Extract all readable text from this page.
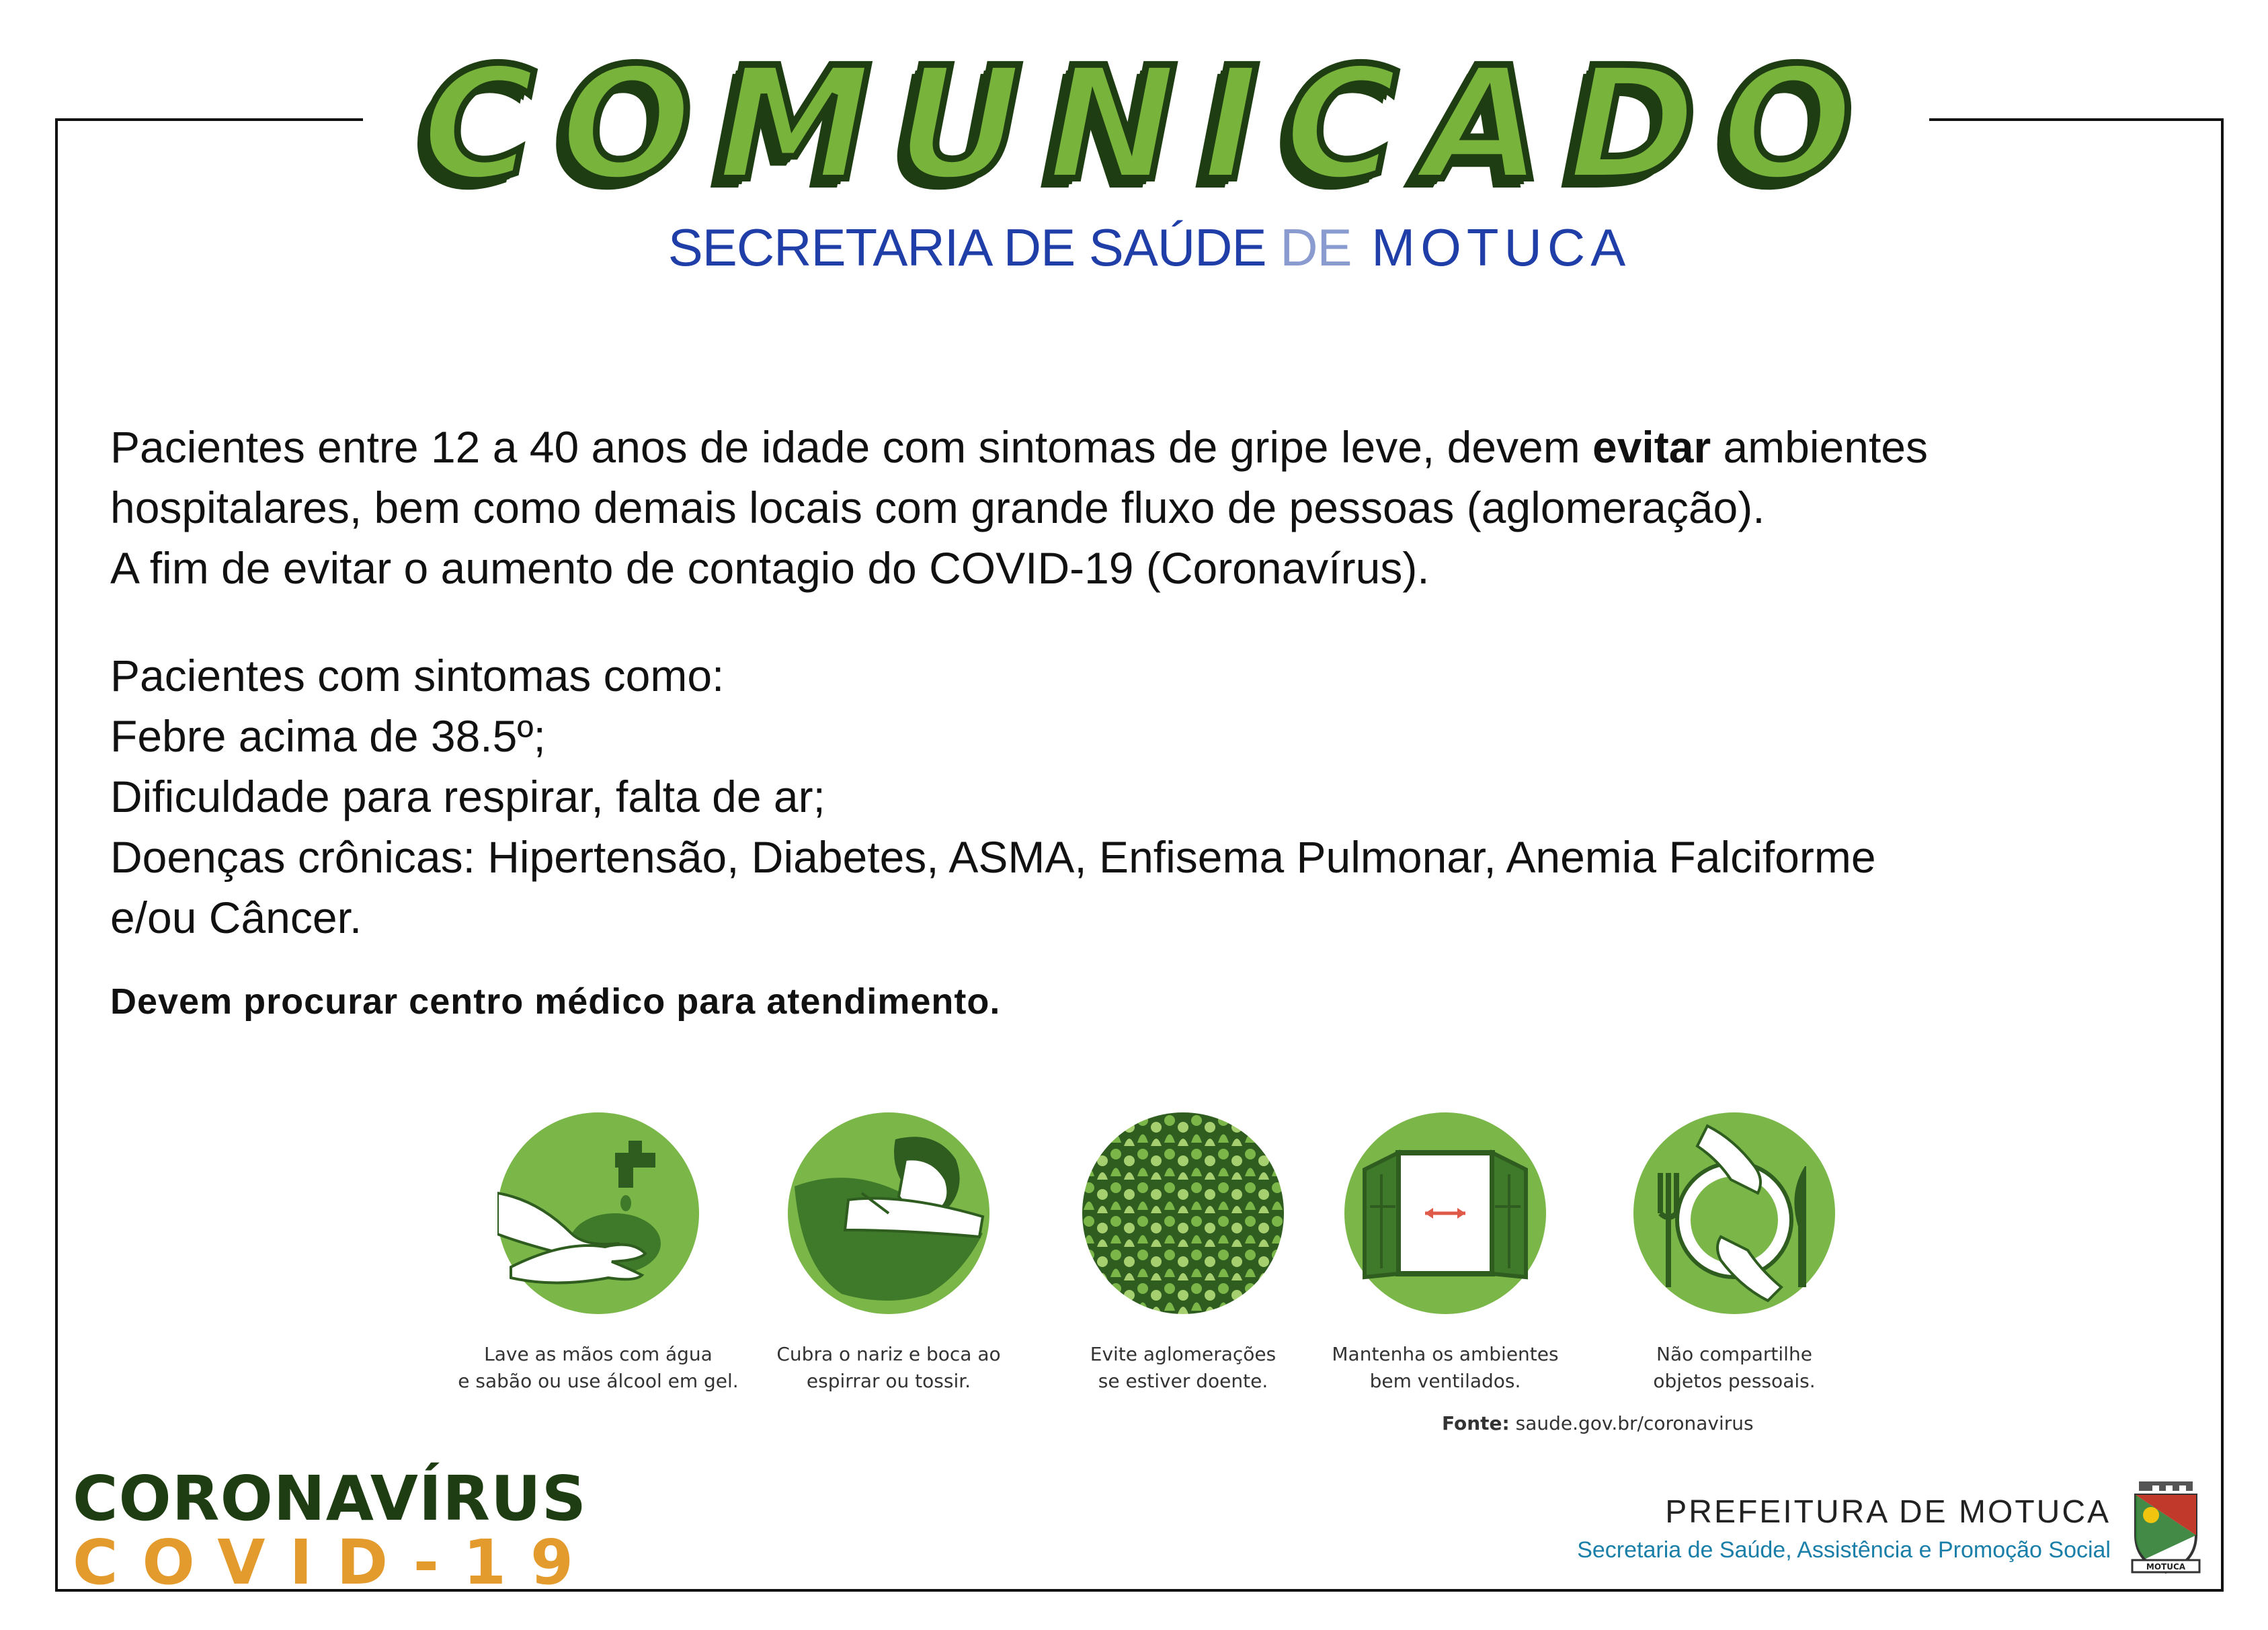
COMUNICADO
SECRETARIA DE SAÚDE DE MOTUCA

Pacientes entre 12 a 40 anos de idade com sintomas de gripe leve, devem evitar ambientes

hospitalares, bem como demais locais com grande fluxo de pessoas (aglomeração).

A fim de evitar o aumento de contagio do COVID-19 (Coronavírus).

Pacientes com sintomas como:

Febre acima de 38.5º;

Dificuldade para respirar, falta de ar;

Doenças crônicas: Hipertensão, Diabetes, ASMA, Enfisema Pulmonar, Anemia Falciforme

e/ou Câncer.

Devem procurar centro médico para atendimento.
Lave as mãos com água
e sabão ou use álcool em gel.
Cubra o nariz e boca ao
espirrar ou tossir.
Evite aglomerações
se estiver doente.
Mantenha os ambientes
bem ventilados.
Não compartilhe
objetos pessoais.
Fonte: saude.gov.br/coronavirus
CORONAVÍRUS
COVID-19
PREFEITURA DE MOTUCA
Secretaria de Saúde, Assistência e Promoção Social
MOTUCA
